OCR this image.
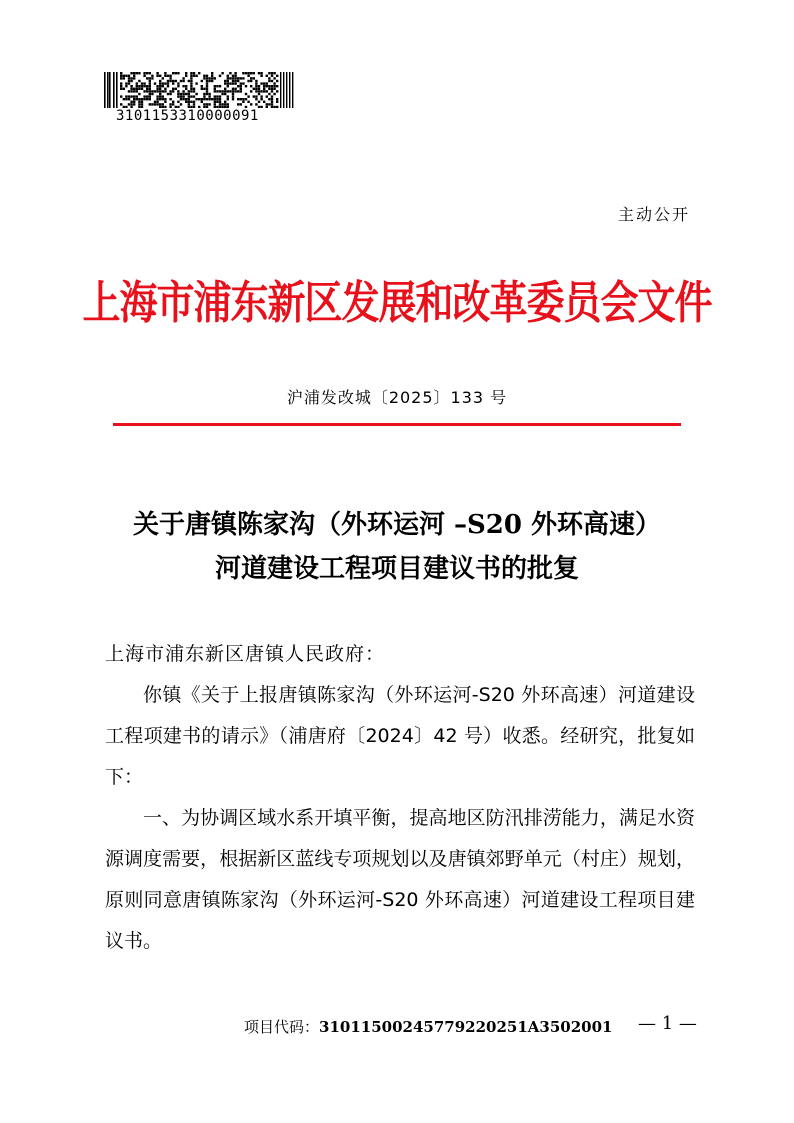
3101153310000091
主动公开
上海市浦东新区发展和改革委员会文件
沪浦发改城〔2025〕133 号
关于唐镇陈家沟（外环运河 –S20 外环高速）
河道建设工程项目建议书的批复

上海市浦东新区唐镇人民政府：

你镇《关于上报唐镇陈家沟（外环运河-S20 外环高速）河道建设工程项建书的请示》（浦唐府〔2024〕42 号）收悉。经研究，批复如下：

一、为协调区域水系开填平衡，提高地区防汛排涝能力，满足水资源调度需要，根据新区蓝线专项规划以及唐镇郊野单元（村庄）规划，原则同意唐镇陈家沟（外环运河-S20 外环高速）河道建设工程项目建议书。

项目代码：31011500245779220251A3502001 — 1 —
